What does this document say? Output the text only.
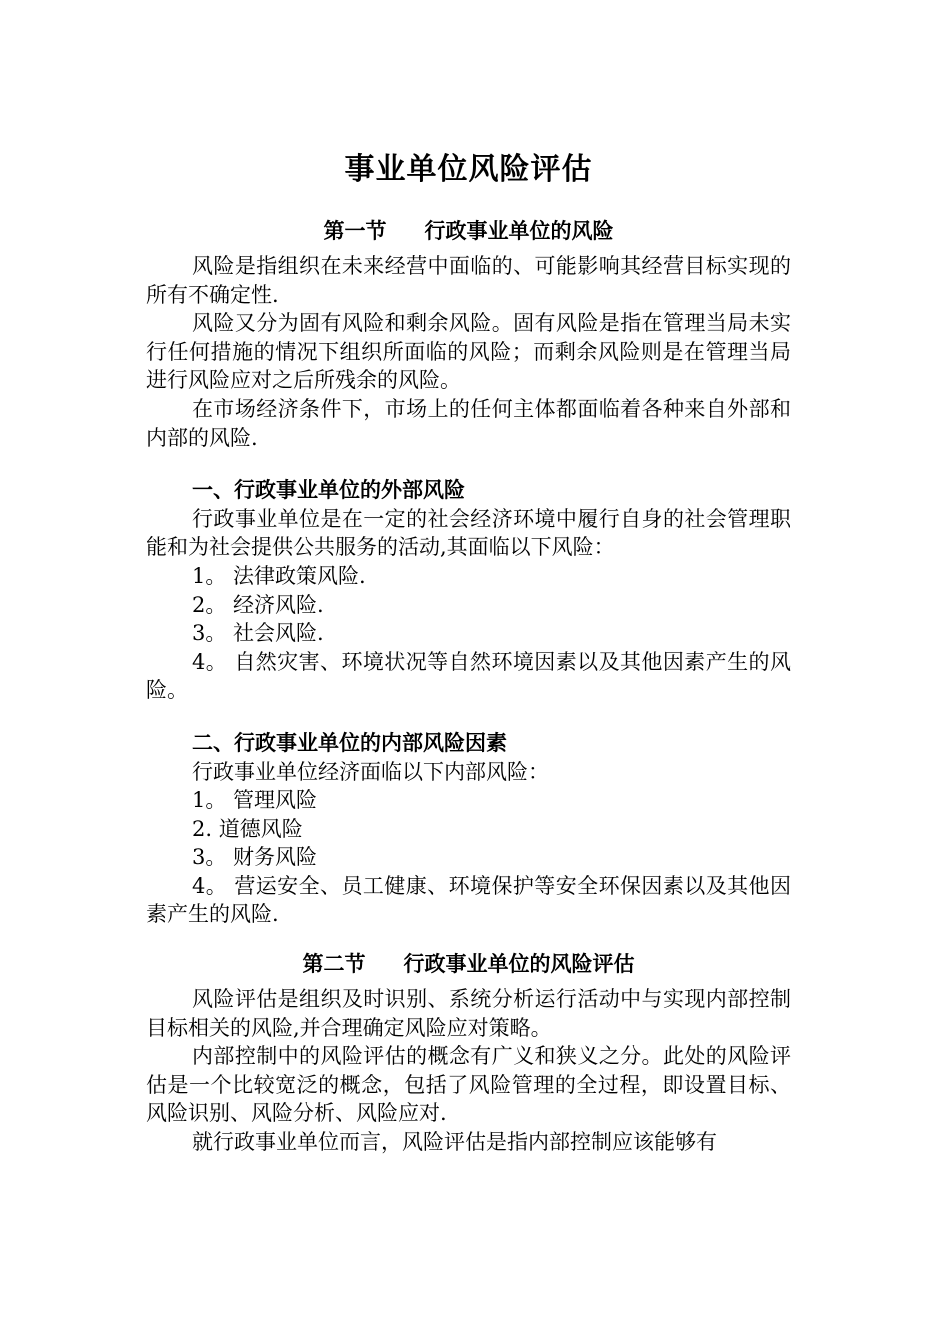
事业单位风险评估
第一节 行政事业单位的风险

风险是指组织在未来经营中面临的、可能影响其经营目标实现的所有不确定性.

风险又分为固有风险和剩余风险。固有风险是指在管理当局未实行任何措施的情况下组织所面临的风险；而剩余风险则是在管理当局进行风险应对之后所残余的风险。

在市场经济条件下，市场上的任何主体都面临着各种来自外部和内部的风险.

一、行政事业单位的外部风险

行政事业单位是在一定的社会经济环境中履行自身的社会管理职能和为社会提供公共服务的活动,其面临以下风险：

1。 法律政策风险.

2。 经济风险.

3。 社会风险.

4。 自然灾害、环境状况等自然环境因素以及其他因素产生的风险。

二、行政事业单位的内部风险因素

行政事业单位经济面临以下内部风险：

1。 管理风险

2. 道德风险

3。 财务风险

4。 营运安全、员工健康、环境保护等安全环保因素以及其他因素产生的风险.

第二节 行政事业单位的风险评估

风险评估是组织及时识别、系统分析运行活动中与实现内部控制目标相关的风险,并合理确定风险应对策略。

内部控制中的风险评估的概念有广义和狭义之分。此处的风险评估是一个比较宽泛的概念，包括了风险管理的全过程，即设置目标、风险识别、风险分析、风险应对.

就行政事业单位而言，风险评估是指内部控制应该能够有
